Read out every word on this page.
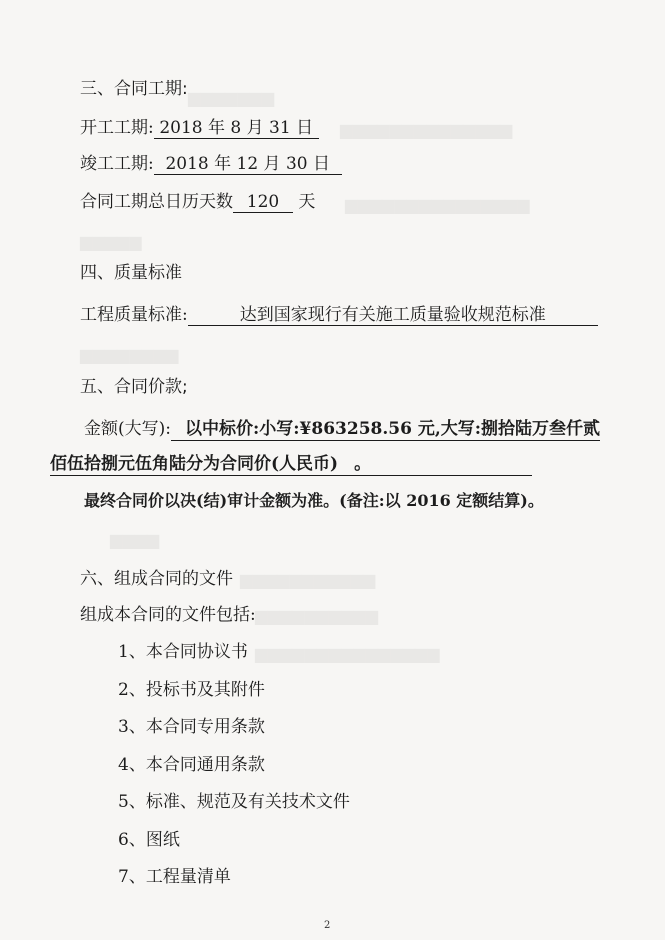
▆▆▆▆▆▆▆
▆▆▆▆▆▆▆▆▆▆▆▆▆▆
▆▆▆▆▆▆▆▆▆▆▆▆▆▆▆
▆▆▆▆▆
▆▆▆▆▆▆▆▆
▆▆▆▆
▆▆▆▆▆▆▆▆▆▆▆
▆▆▆▆▆▆▆▆▆▆
▆▆▆▆▆▆▆▆▆▆▆▆▆▆▆
三、合同工期:
开工工期: 2018 年 8 月 31 日
竣工工期: 2018 年 12 月 30 日
合同工期总日历天数 120 天
四、质量标准
工程质量标准:	达到国家现行有关施工质量验收规范标准
五、合同价款;
金额(大写): 以中标价:小写:¥863258.56 元,大写:捌拾陆万叁仟贰
佰伍拾捌元伍角陆分为合同价(人民币) 。
最终合同价以决(结)审计金额为准。(备注:以 2016 定额结算)。
六、组成合同的文件
组成本合同的文件包括:
1、本合同协议书
2、投标书及其附件
3、本合同专用条款
4、本合同通用条款
5、标准、规范及有关技术文件
6、图纸
7、工程量清单
2
